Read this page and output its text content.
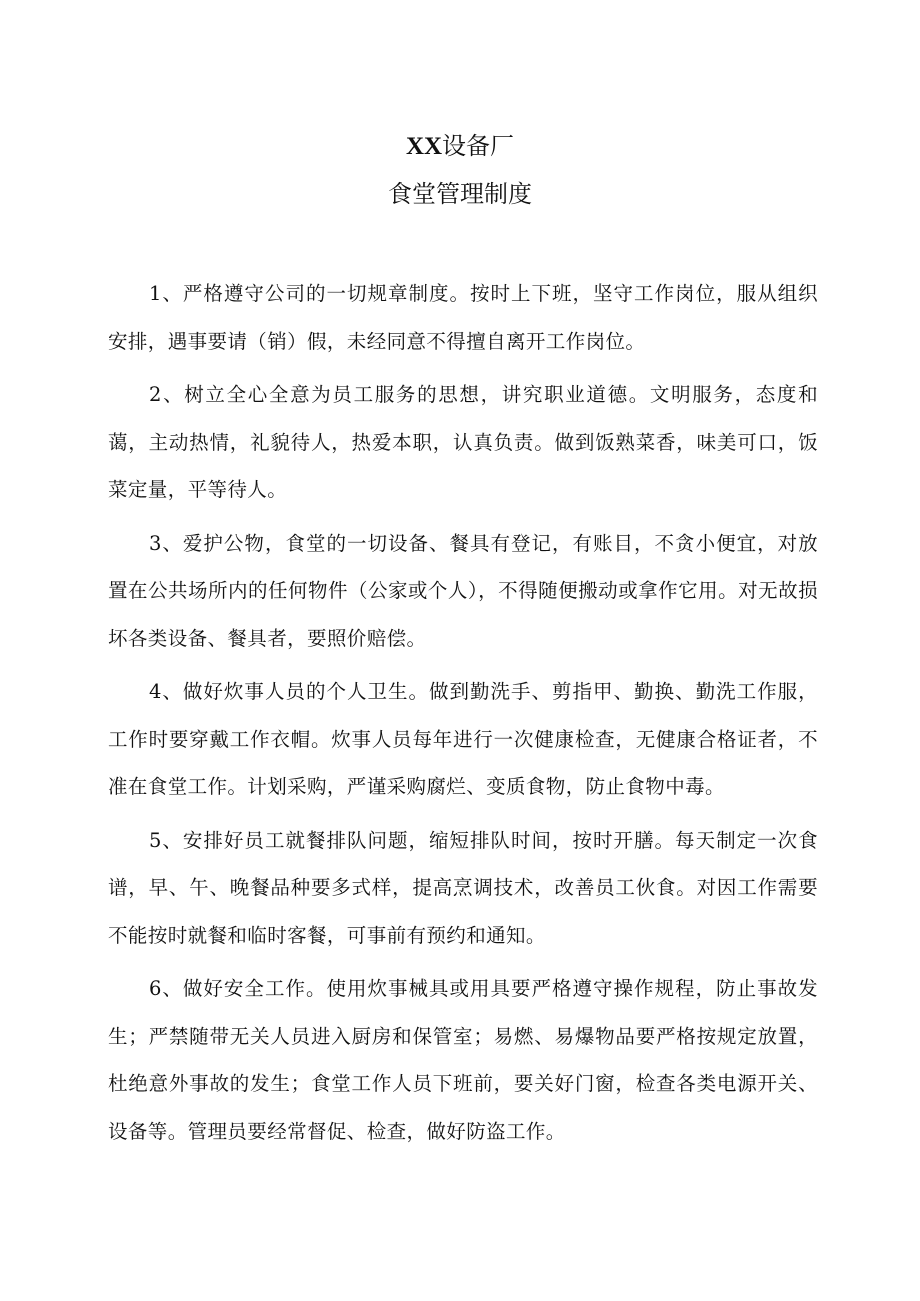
XX设备厂
食堂管理制度

1、严格遵守公司的一切规章制度。按时上下班，坚守工作岗位，服从组织安排，遇事要请（销）假，未经同意不得擅自离开工作岗位。

2、树立全心全意为员工服务的思想，讲究职业道德。文明服务，态度和蔼，主动热情，礼貌待人，热爱本职，认真负责。做到饭熟菜香，味美可口，饭菜定量，平等待人。

3、爱护公物，食堂的一切设备、餐具有登记，有账目，不贪小便宜，对放置在公共场所内的任何物件（公家或个人），不得随便搬动或拿作它用。对无故损坏各类设备、餐具者，要照价赔偿。

4、做好炊事人员的个人卫生。做到勤洗手、剪指甲、勤换、勤洗工作服，工作时要穿戴工作衣帽。炊事人员每年进行一次健康检查，无健康合格证者，不准在食堂工作。计划采购，严谨采购腐烂、变质食物，防止食物中毒。

5、安排好员工就餐排队问题，缩短排队时间，按时开膳。每天制定一次食谱，早、午、晚餐品种要多式样，提高烹调技术，改善员工伙食。对因工作需要不能按时就餐和临时客餐，可事前有预约和通知。

6、做好安全工作。使用炊事械具或用具要严格遵守操作规程，防止事故发生；严禁随带无关人员进入厨房和保管室；易燃、易爆物品要严格按规定放置，杜绝意外事故的发生；食堂工作人员下班前，要关好门窗，检查各类电源开关、设备等。管理员要经常督促、检查，做好防盗工作。
